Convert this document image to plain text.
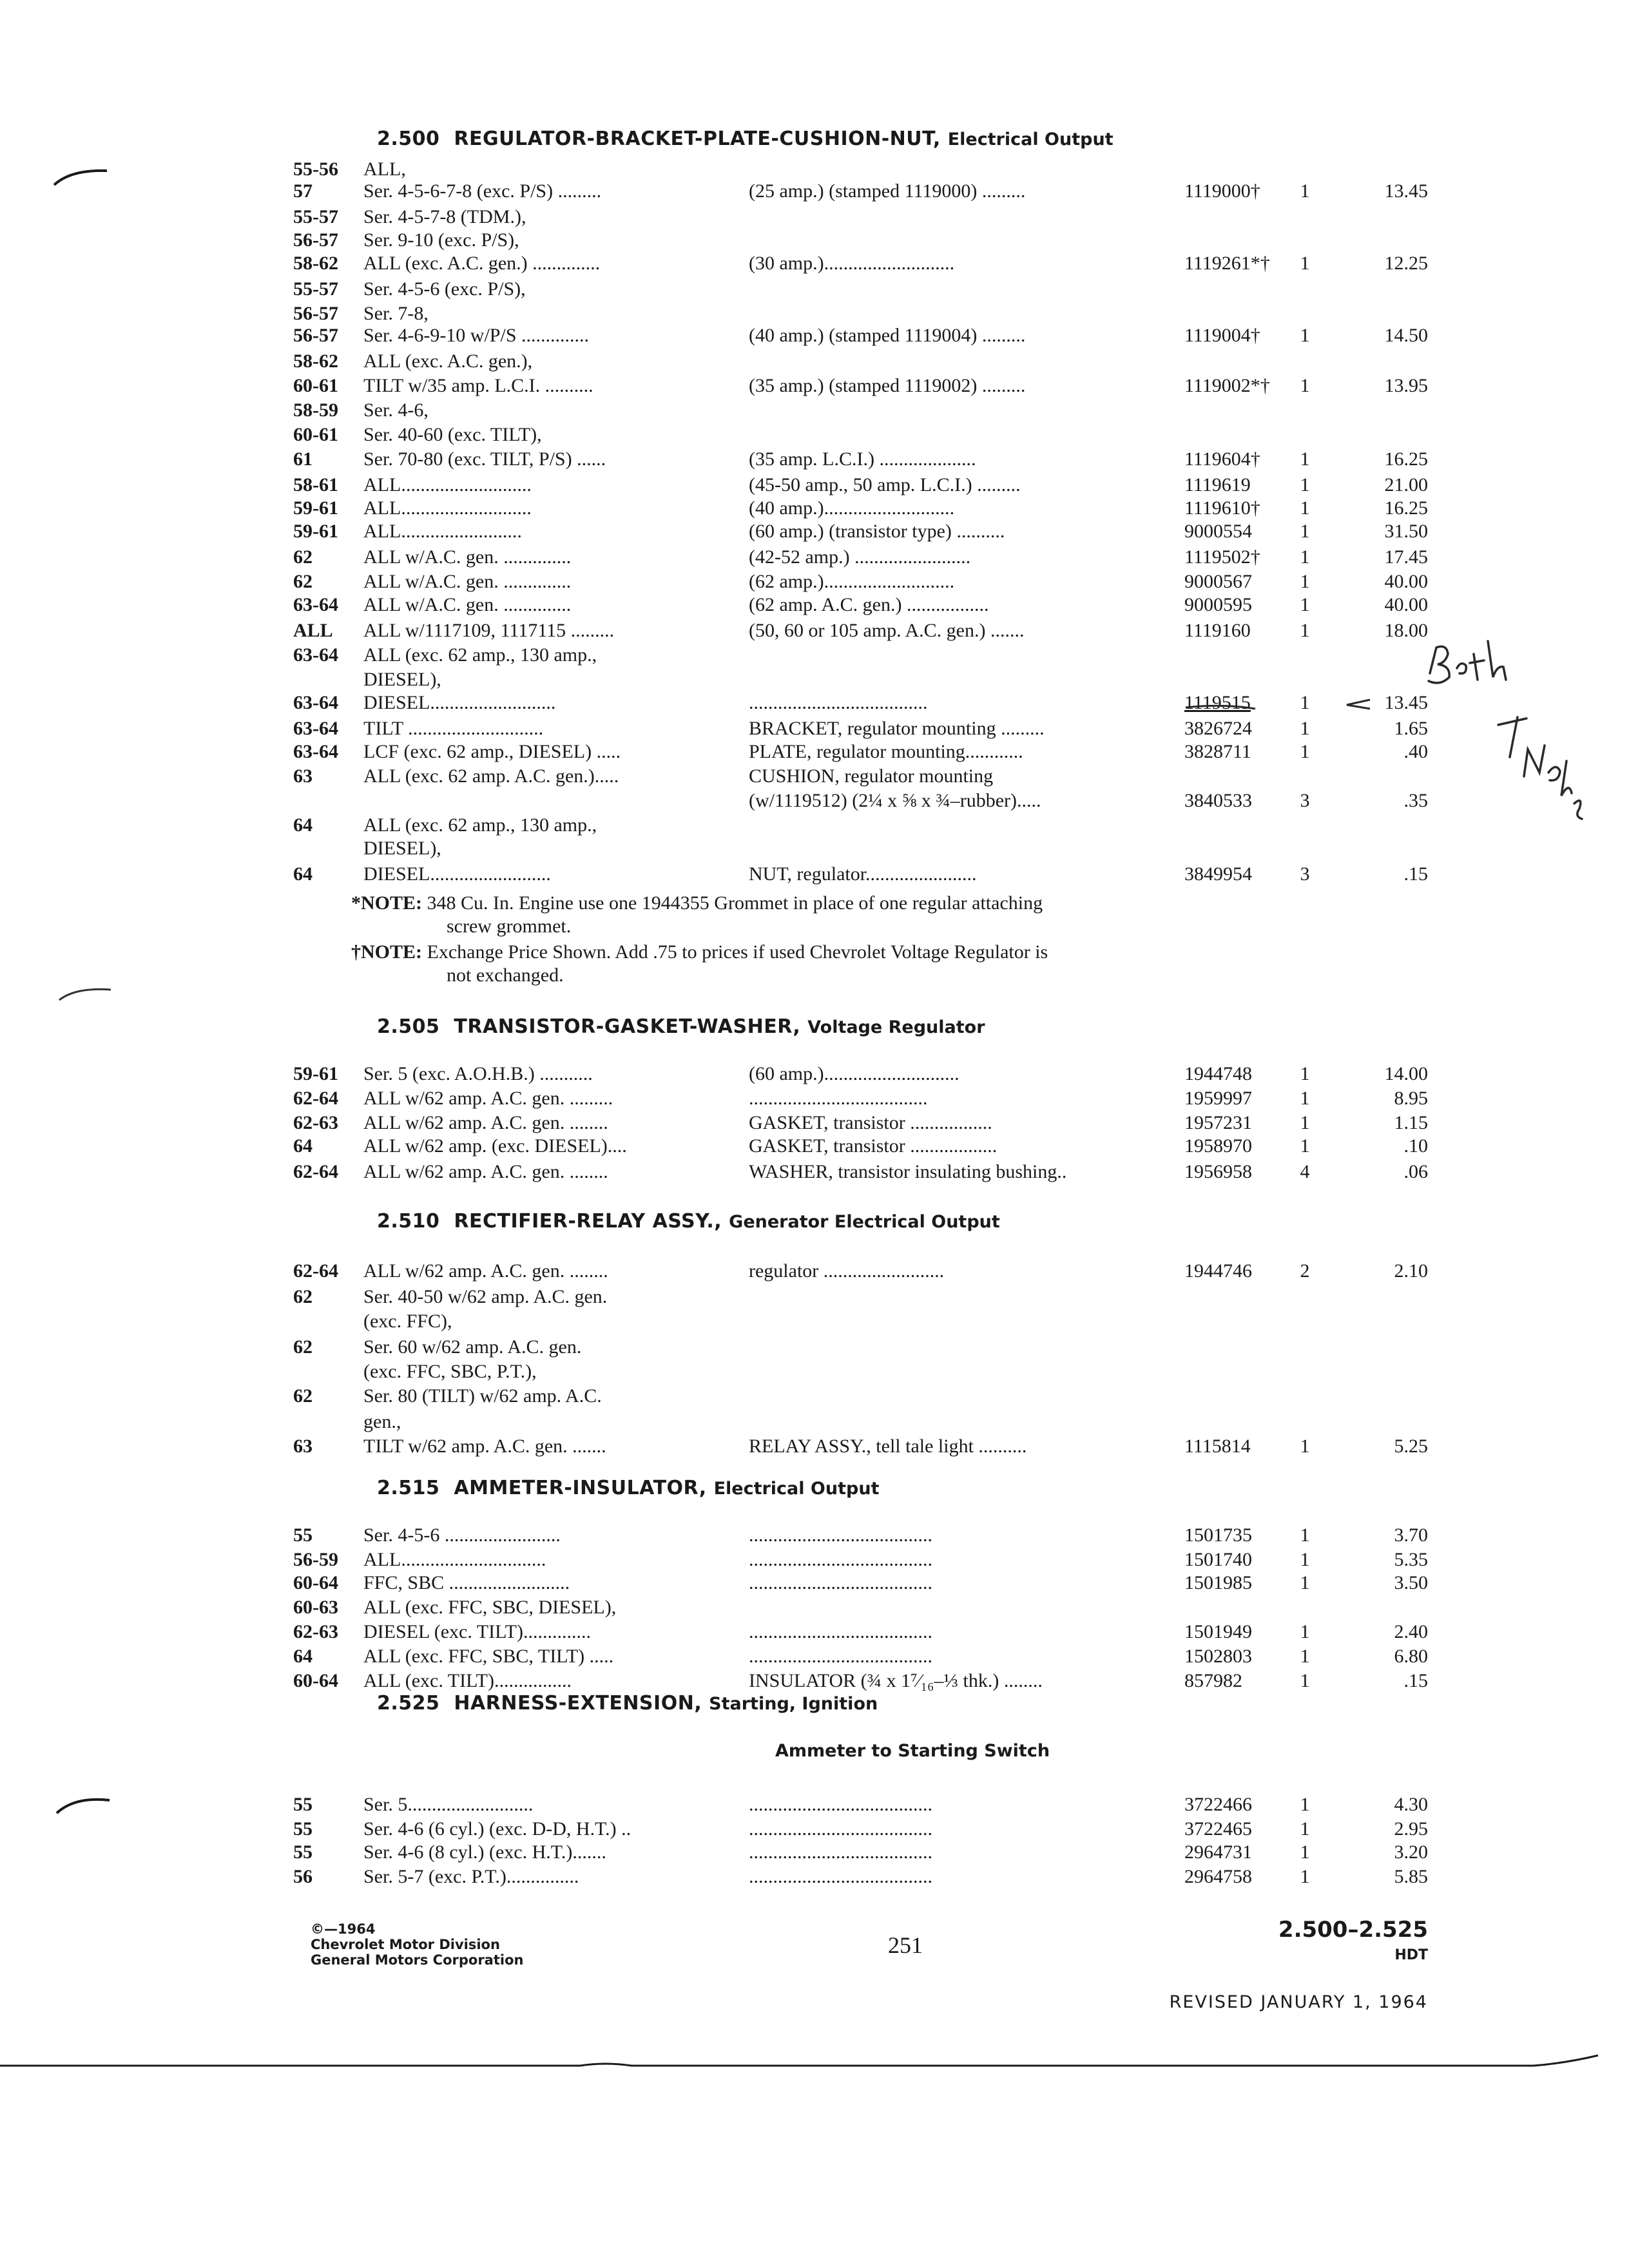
2.500 REGULATOR-BRACKET-PLATE-CUSHION-NUT, Electrical Output
55-56 ALL,
57	Ser. 4-5-6-7-8 (exc. P/S) .........	(25 amp.) (stamped 1119000) .........	1119000† 1	13.45
55-57 Ser. 4-5-7-8 (TDM.),
56-57 Ser. 9-10 (exc. P/S),
58-62 ALL (exc. A.C. gen.) ..............	(30 amp.)...........................	1119261*† 1	12.25
55-57 Ser. 4-5-6 (exc. P/S),
56-57 Ser. 7-8,
56-57 Ser. 4-6-9-10 w/P/S ..............	(40 amp.) (stamped 1119004) .........	1119004† 1	14.50
58-62 ALL (exc. A.C. gen.),
60-61 TILT w/35 amp. L.C.I. ..........	(35 amp.) (stamped 1119002) .........	1119002*† 1	13.95
58-59 Ser. 4-6,
60-61 Ser. 40-60 (exc. TILT),
61	Ser. 70-80 (exc. TILT, P/S) ......	(35 amp. L.C.I.) ....................	1119604† 1	16.25
58-61 ALL...........................	(45-50 amp., 50 amp. L.C.I.) .........	1119619	1	21.00
59-61 ALL...........................	(40 amp.)...........................	1119610† 1	16.25
59-61 ALL.........................	(60 amp.) (transistor type) ..........	9000554 1	31.50
62	ALL w/A.C. gen. ..............	(42-52 amp.) ........................	1119502† 1	17.45
62	ALL w/A.C. gen. ..............	(62 amp.)...........................	9000567 1	40.00
63-64 ALL w/A.C. gen. ..............	(62 amp. A.C. gen.) .................	9000595 1	40.00
ALL ALL w/1117109, 1117115 .........	(50, 60 or 105 amp. A.C. gen.) .......	1119160	1	18.00
63-64 ALL (exc. 62 amp., 130 amp.,
DIESEL),
63-64 DIESEL..........................	.....................................	1119515	1	13.45
63-64 TILT ............................	BRACKET, regulator mounting .........	3826724 1	1.65
63-64 LCF (exc. 62 amp., DIESEL) .....	PLATE, regulator mounting............	3828711	1	.40
63	ALL (exc. 62 amp. A.C. gen.).....	CUSHION, regulator mounting
(w/1119512) (2¼ x ⅝ x ¾–rubber).....	3840533 3	.35
64	ALL (exc. 62 amp., 130 amp.,
DIESEL),
64	DIESEL.........................	NUT, regulator.......................	3849954 3	.15
*NOTE: 348 Cu. In. Engine use one 1944355 Grommet in place of one regular attaching
screw grommet.
†NOTE: Exchange Price Shown. Add .75 to prices if used Chevrolet Voltage Regulator is
not exchanged.
2.505 TRANSISTOR-GASKET-WASHER, Voltage Regulator
59-61 Ser. 5 (exc. A.O.H.B.) ...........	(60 amp.)............................	1944748 1	14.00
62-64 ALL w/62 amp. A.C. gen. .........	.....................................	1959997 1	8.95
62-63 ALL w/62 amp. A.C. gen. ........	GASKET, transistor .................	1957231 1	1.15
64	ALL w/62 amp. (exc. DIESEL)....	GASKET, transistor ..................	1958970 1	.10
62-64 ALL w/62 amp. A.C. gen. ........	WASHER, transistor insulating bushing..	1956958 4	.06
2.510 RECTIFIER-RELAY ASSY., Generator Electrical Output
62-64 ALL w/62 amp. A.C. gen. ........	regulator .........................	1944746 2	2.10
62	Ser. 40-50 w/62 amp. A.C. gen.
(exc. FFC),
62	Ser. 60 w/62 amp. A.C. gen.
(exc. FFC, SBC, P.T.),
62	Ser. 80 (TILT) w/62 amp. A.C.
gen.,
63	TILT w/62 amp. A.C. gen. .......	RELAY ASSY., tell tale light ..........	1115814	1	5.25
2.515 AMMETER-INSULATOR, Electrical Output
55	Ser. 4-5-6 ........................	......................................	1501735 1	3.70
56-59 ALL..............................	......................................	1501740 1	5.35
60-64 FFC, SBC .........................	......................................	1501985 1	3.50
60-63 ALL (exc. FFC, SBC, DIESEL),
62-63 DIESEL (exc. TILT)..............	......................................	1501949 1	2.40
64	ALL (exc. FFC, SBC, TILT) .....	......................................	1502803 1	6.80
60-64 ALL (exc. TILT)................	INSULATOR (¾ x 1⁷⁄₁₆–⅓ thk.) ........	857982	1	.15
2.525 HARNESS-EXTENSION, Starting, Ignition
Ammeter to Starting Switch
55	Ser. 5..........................	......................................	3722466 1	4.30
55	Ser. 4-6 (6 cyl.) (exc. D-D, H.T.) ..	......................................	3722465 1	2.95
55	Ser. 4-6 (8 cyl.) (exc. H.T.).......	......................................	2964731 1	3.20
56	Ser. 5-7 (exc. P.T.)...............	......................................	2964758 1	5.85
©—1964
Chevrolet Motor Division
General Motors Corporation
251
2.500–2.525
HDT
REVISED JANUARY 1, 1964
